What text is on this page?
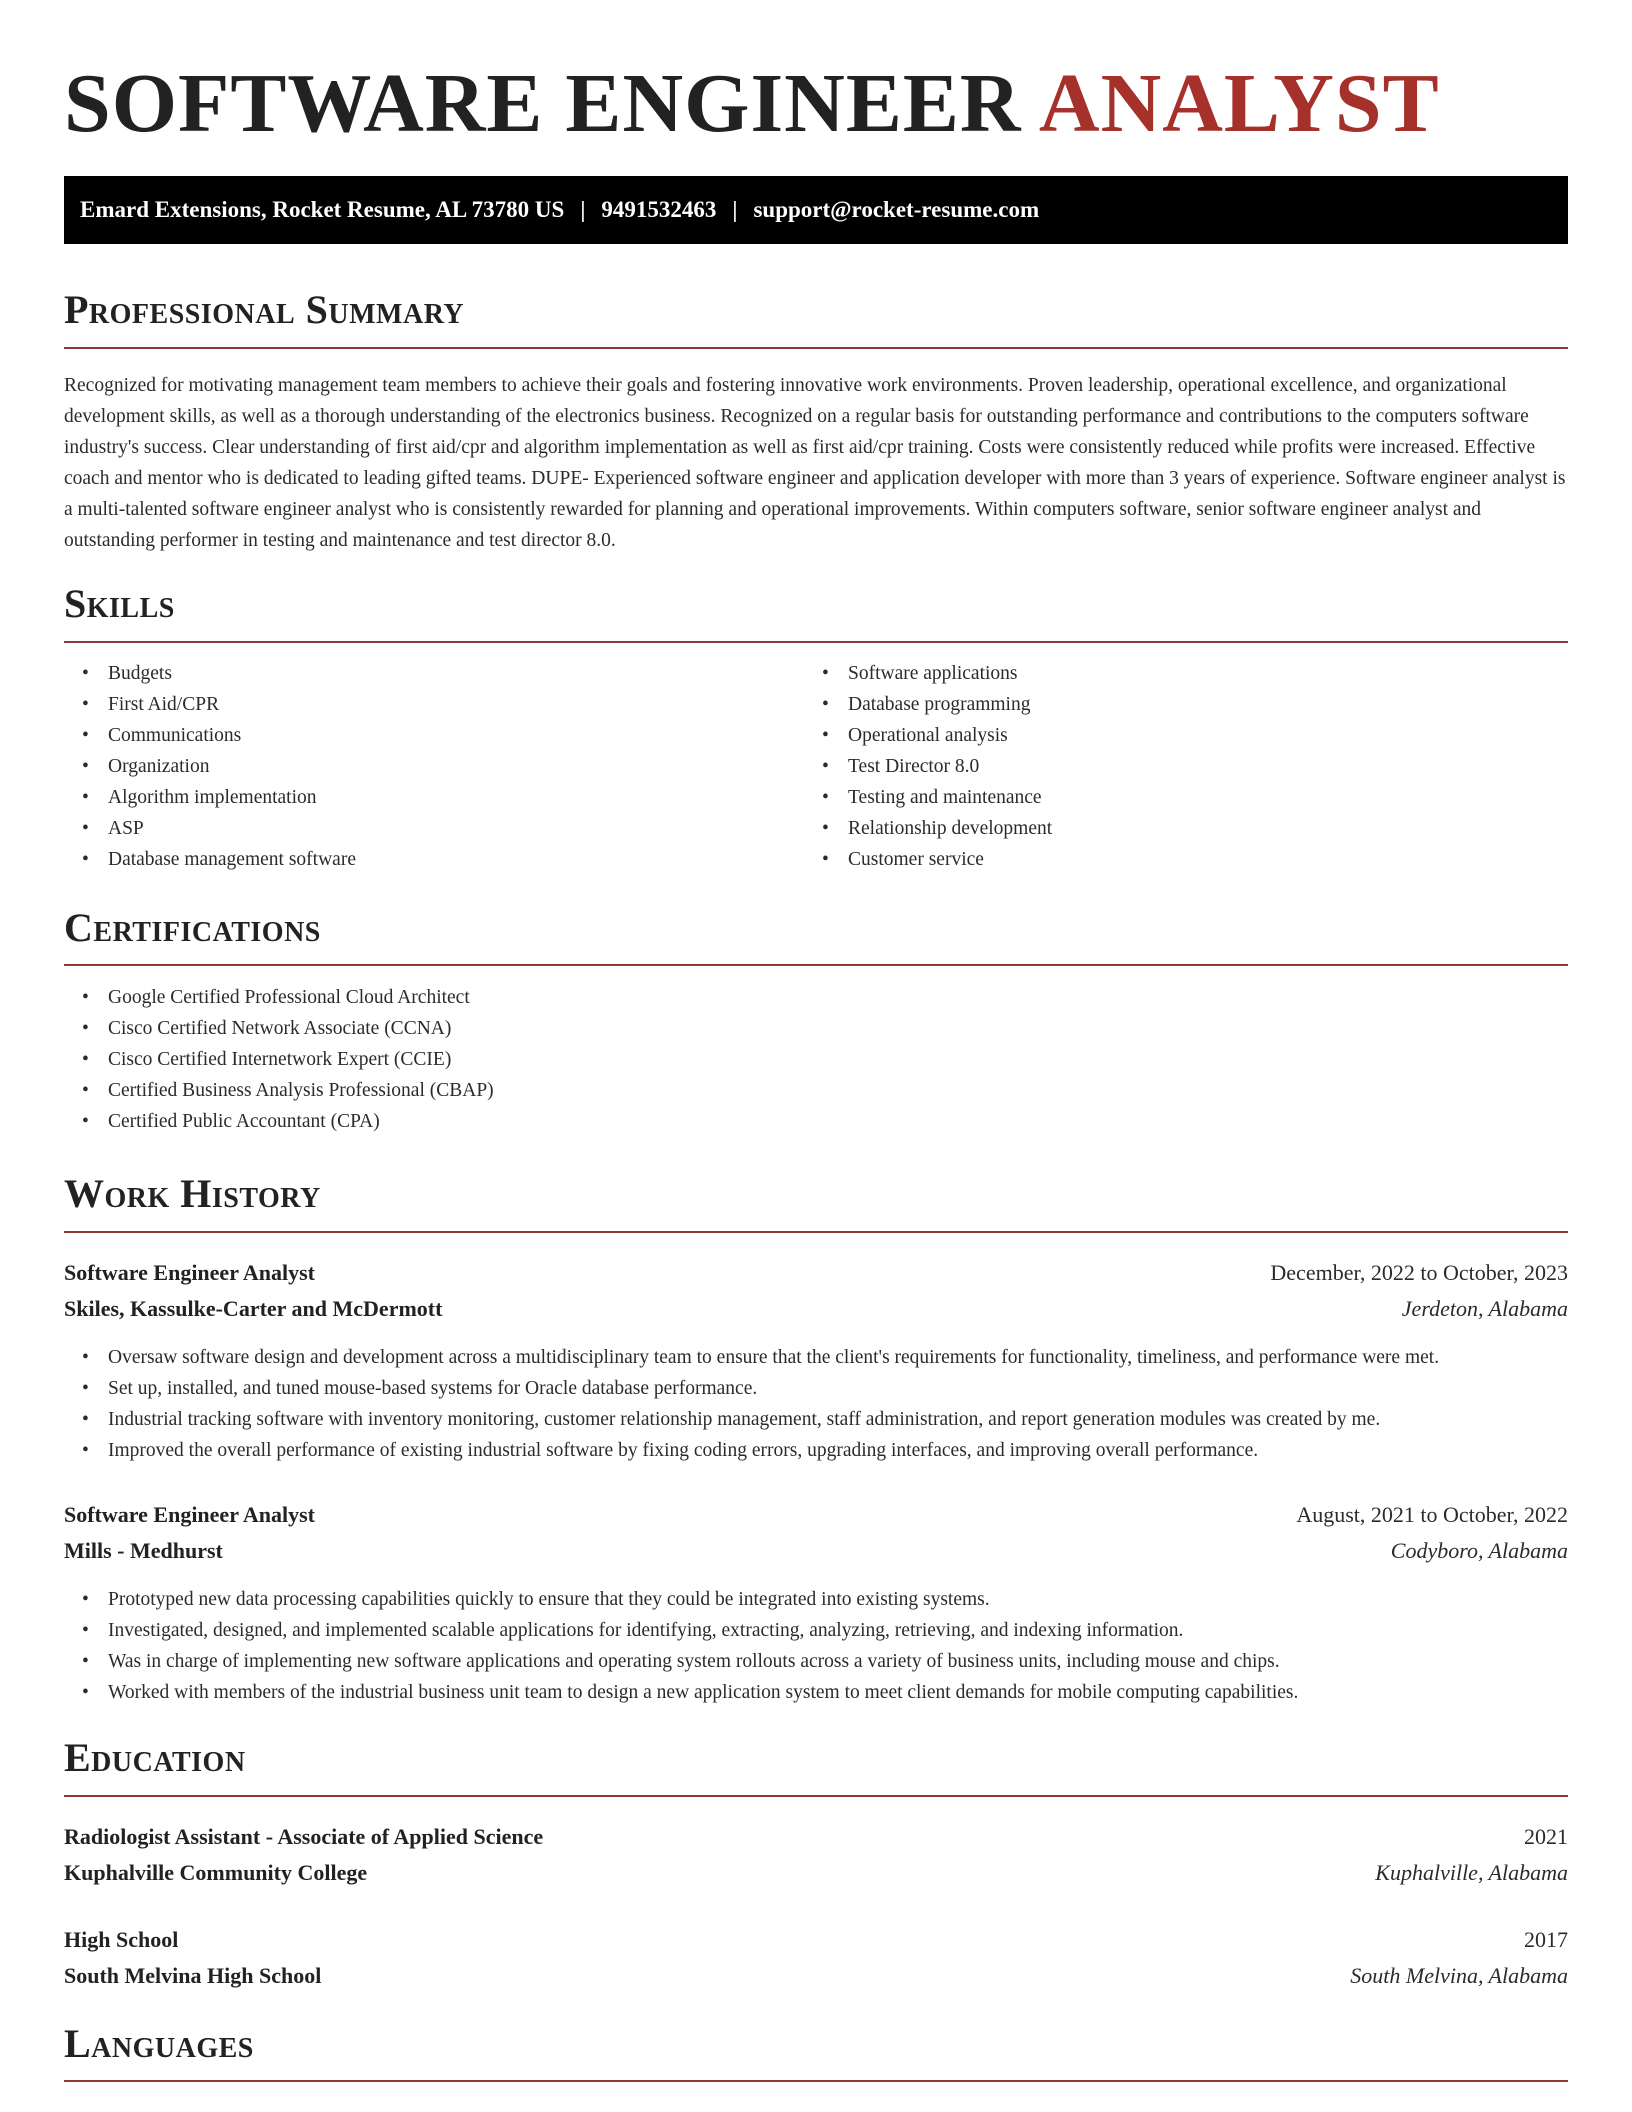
SOFTWARE ENGINEER ANALYST
Emard Extensions, Rocket Resume, AL 73780 US | 9491532463 | support@rocket-resume.com
Professional Summary

Recognized for motivating management team members to achieve their goals and fostering innovative work environments. Proven leadership, operational excellence, and organizational development skills, as well as a thorough understanding of the electronics business. Recognized on a regular basis for outstanding performance and contributions to the computers software industry's success. Clear understanding of first aid/cpr and algorithm implementation as well as first aid/cpr training. Costs were consistently reduced while profits were increased. Effective coach and mentor who is dedicated to leading gifted teams. DUPE- Experienced software engineer and application developer with more than 3 years of experience. Software engineer analyst is a multi-talented software engineer analyst who is consistently rewarded for planning and operational improvements. Within computers software, senior software engineer analyst and outstanding performer in testing and maintenance and test director 8.0.

Skills
• Budgets
• First Aid/CPR
• Communications
• Organization
• Algorithm implementation
• ASP
• Database management software
• Software applications
• Database programming
• Operational analysis
• Test Director 8.0
• Testing and maintenance
• Relationship development
• Customer service
Certifications
• Google Certified Professional Cloud Architect
• Cisco Certified Network Associate (CCNA)
• Cisco Certified Internetwork Expert (CCIE)
• Certified Business Analysis Professional (CBAP)
• Certified Public Accountant (CPA)
Work History
Software Engineer Analyst	December, 2022 to October, 2023
Skiles, Kassulke-Carter and McDermott	Jerdeton, Alabama
• Oversaw software design and development across a multidisciplinary team to ensure that the client's requirements for functionality, timeliness, and performance were met.
• Set up, installed, and tuned mouse-based systems for Oracle database performance.
• Industrial tracking software with inventory monitoring, customer relationship management, staff administration, and report generation modules was created by me.
• Improved the overall performance of existing industrial software by fixing coding errors, upgrading interfaces, and improving overall performance.
Software Engineer Analyst	August, 2021 to October, 2022
Mills - Medhurst	Codyboro, Alabama
• Prototyped new data processing capabilities quickly to ensure that they could be integrated into existing systems.
• Investigated, designed, and implemented scalable applications for identifying, extracting, analyzing, retrieving, and indexing information.
• Was in charge of implementing new software applications and operating system rollouts across a variety of business units, including mouse and chips.
• Worked with members of the industrial business unit team to design a new application system to meet client demands for mobile computing capabilities.
Education
Radiologist Assistant - Associate of Applied Science	2021
Kuphalville Community College	Kuphalville, Alabama
High School	2017
South Melvina High School	South Melvina, Alabama
Languages
